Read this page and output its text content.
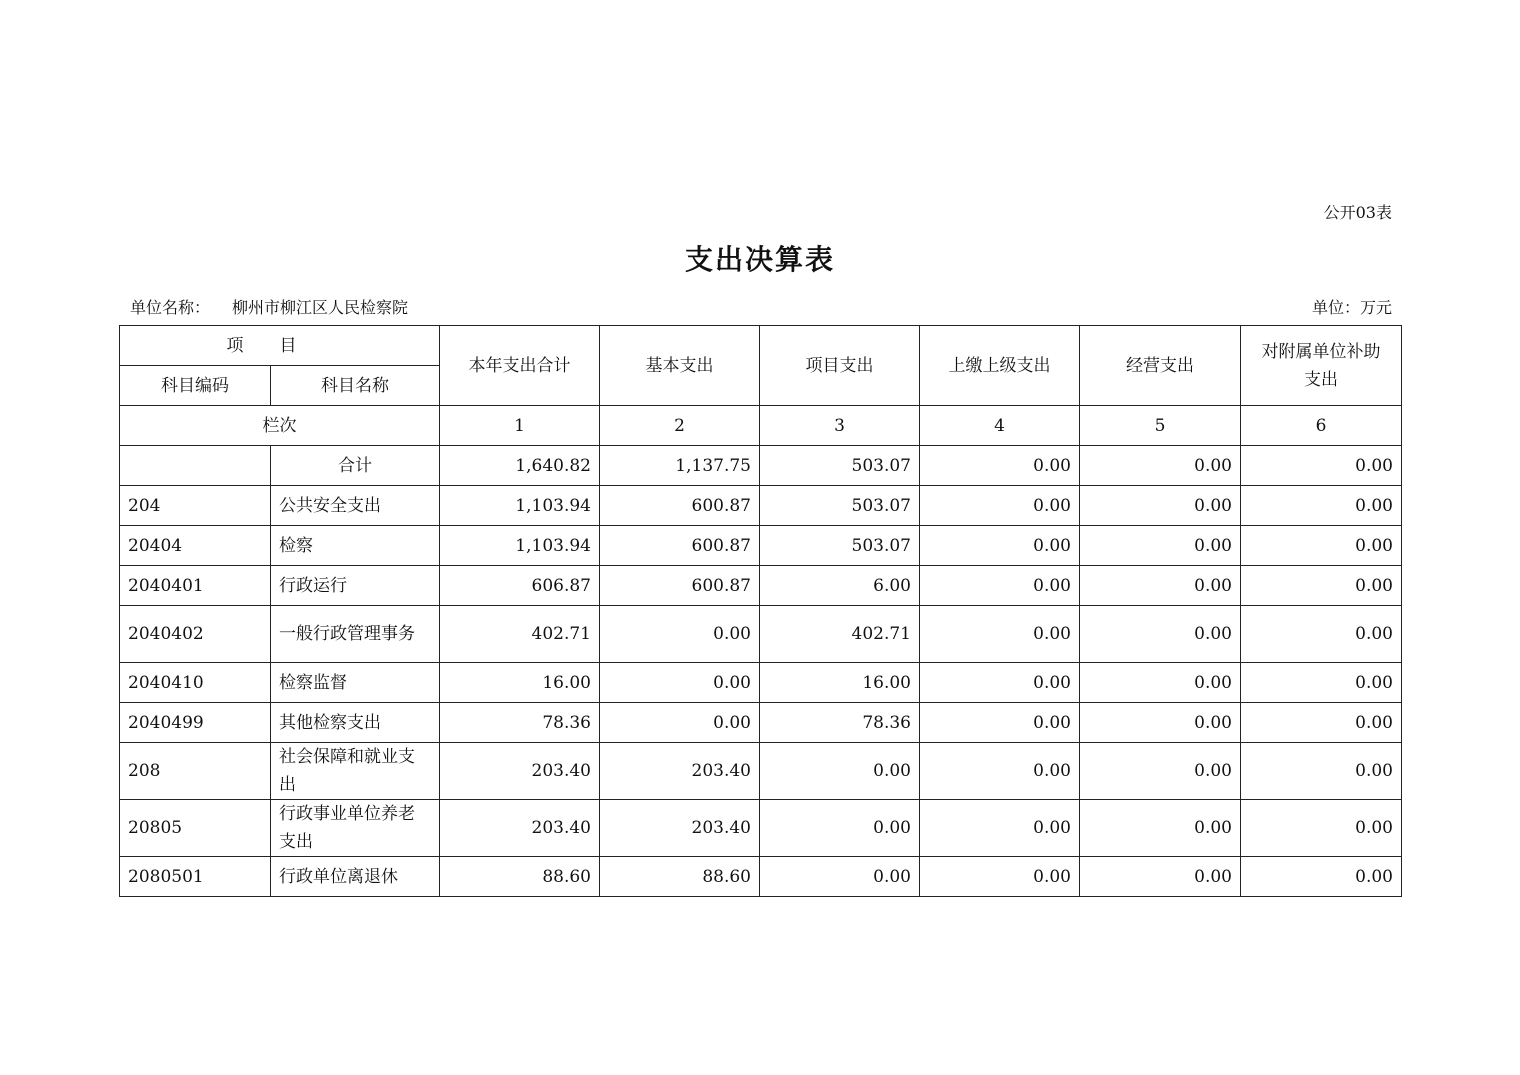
公开03表
支出决算表
单位名称： 柳州市柳江区人民检察院	单位：万元
项目		本年支出合计	基本支出	项目支出	上缴上级支出	经营支出	对附属单位补助支出
科目编码	科目名称						
栏次		1	2	3	4	5	6
	合计	1,640.82	1,137.75	503.07	0.00	0.00	0.00
204	公共安全支出	1,103.94	600.87	503.07	0.00	0.00	0.00
20404	检察	1,103.94	600.87	503.07	0.00	0.00	0.00
2040401	行政运行	606.87	600.87	6.00	0.00	0.00	0.00
2040402	一般行政管理事务	402.71	0.00	402.71	0.00	0.00	0.00
2040410	检察监督	16.00	0.00	16.00	0.00	0.00	0.00
2040499	其他检察支出	78.36	0.00	78.36	0.00	0.00	0.00
208	社会保障和就业支出	203.40	203.40	0.00	0.00	0.00	0.00
20805	行政事业单位养老支出	203.40	203.40	0.00	0.00	0.00	0.00
2080501	行政单位离退休	88.60	88.60	0.00	0.00	0.00	0.00
